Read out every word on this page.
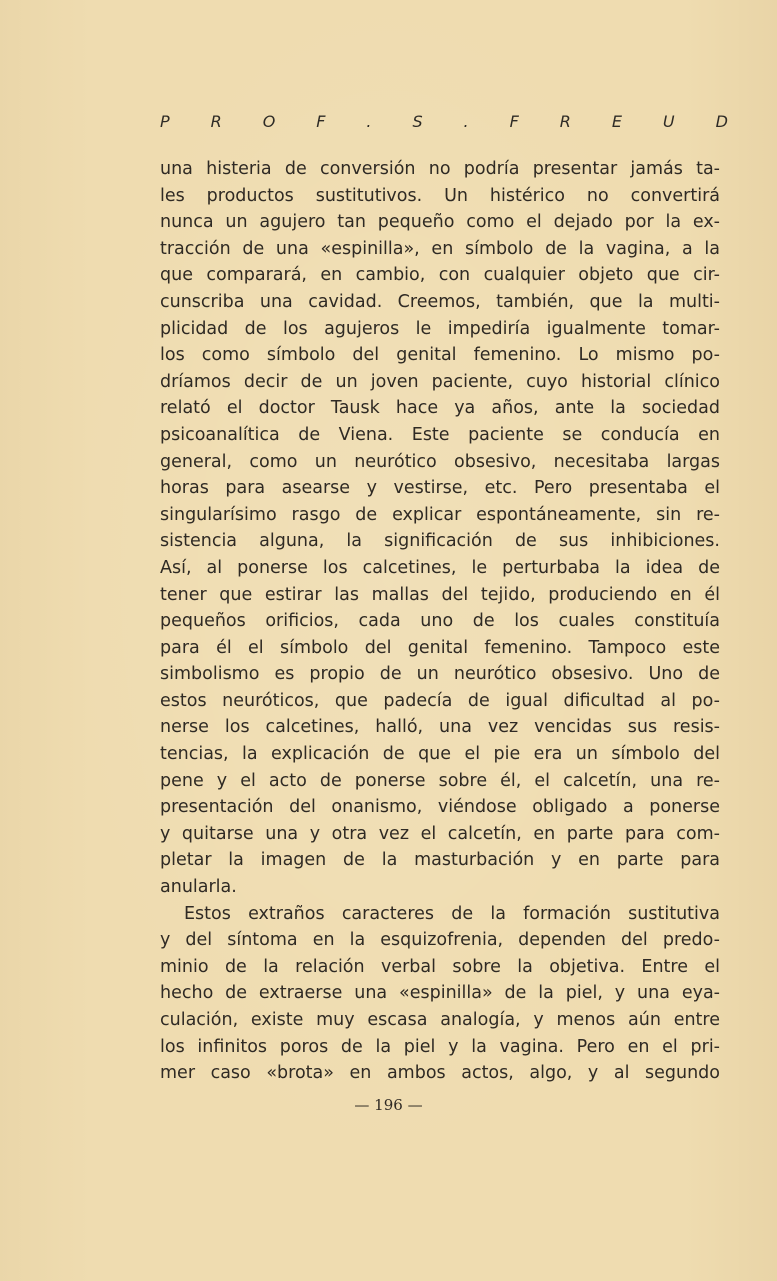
P	R	O	F	.	S	.	F	R	E	U	D
una histeria de conversión no podría presentar jamás ta-
les productos sustitutivos. Un histérico no convertirá
nunca un agujero tan pequeño como el dejado por la ex-
tracción de una «espinilla», en símbolo de la vagina, a la
que comparará, en cambio, con cualquier objeto que cir-
cunscriba una cavidad. Creemos, también, que la multi-
plicidad de los agujeros le impediría igualmente tomar-
los como símbolo del genital femenino. Lo mismo po-
dríamos decir de un joven paciente, cuyo historial clínico
relató el doctor Tausk hace ya años, ante la sociedad
psicoanalítica de Viena. Este paciente se conducía en
general, como un neurótico obsesivo, necesitaba largas
horas para asearse y vestirse, etc. Pero presentaba el
singularísimo rasgo de explicar espontáneamente, sin re-
sistencia alguna, la significación de sus inhibiciones.
Así, al ponerse los calcetines, le perturbaba la idea de
tener que estirar las mallas del tejido, produciendo en él
pequeños orificios, cada uno de los cuales constituía
para él el símbolo del genital femenino. Tampoco este
simbolismo es propio de un neurótico obsesivo. Uno de
estos neuróticos, que padecía de igual dificultad al po-
nerse los calcetines, halló, una vez vencidas sus resis-
tencias, la explicación de que el pie era un símbolo del
pene y el acto de ponerse sobre él, el calcetín, una re-
presentación del onanismo, viéndose obligado a ponerse
y quitarse una y otra vez el calcetín, en parte para com-
pletar la imagen de la masturbación y en parte para
anularla.
Estos extraños caracteres de la formación sustitutiva
y del síntoma en la esquizofrenia, dependen del predo-
minio de la relación verbal sobre la objetiva. Entre el
hecho de extraerse una «espinilla» de la piel, y una eya-
culación, existe muy escasa analogía, y menos aún entre
los infinitos poros de la piel y la vagina. Pero en el pri-
mer caso «brota» en ambos actos, algo, y al segundo
— 196 —
